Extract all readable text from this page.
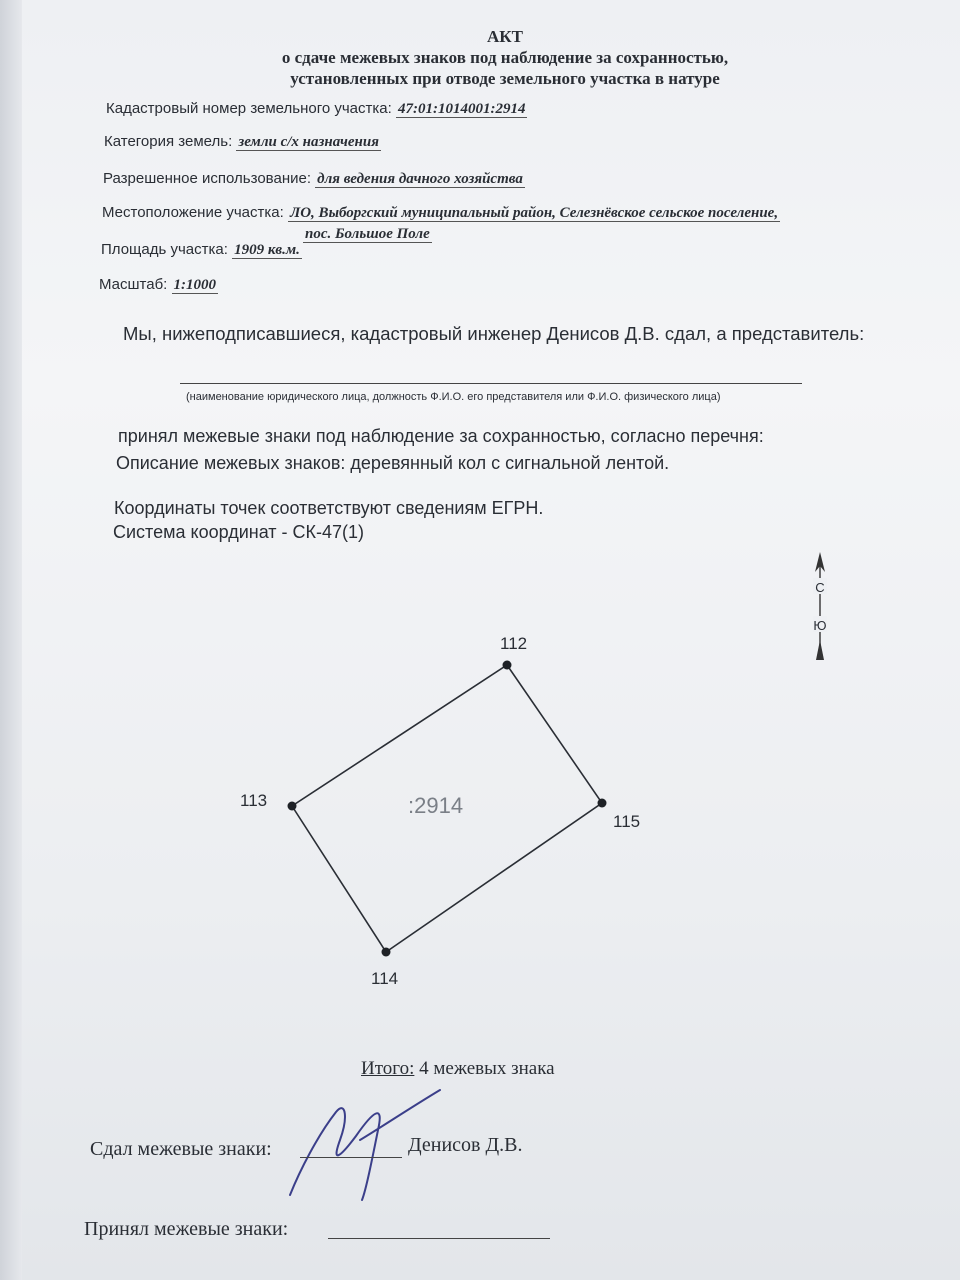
АКТ
о сдаче межевых знаков под наблюдение за сохранностью,
установленных при отводе земельного участка в натуре
Кадастровый номер земельного участка: 47:01:1014001:2914
Категория земель: земли с/х назначения
Разрешенное использование: для ведения дачного хозяйства
Местоположение участка: ЛО, Выборгский муниципальный район, Селезнёвское сельское поселение,
пос. Большое Поле
Площадь участка: 1909 кв.м.
Масштаб: 1:1000
Мы, нижеподписавшиеся, кадастровый инженер Денисов Д.В. сдал, а представитель:
(наименование юридического лица, должность Ф.И.О. его представителя или Ф.И.О. физического лица)
принял межевые знаки под наблюдение за сохранностью, согласно перечня:
Описание межевых знаков: деревянный кол с сигнальной лентой.
Координаты точек соответствуют сведениям ЕГРН.
Система координат - СК-47(1)
С
Ю
112
113
114
115
:2914
Итого: 4 межевых знака
Сдал межевые знаки:	Денисов Д.В.
Принял межевые знаки:
